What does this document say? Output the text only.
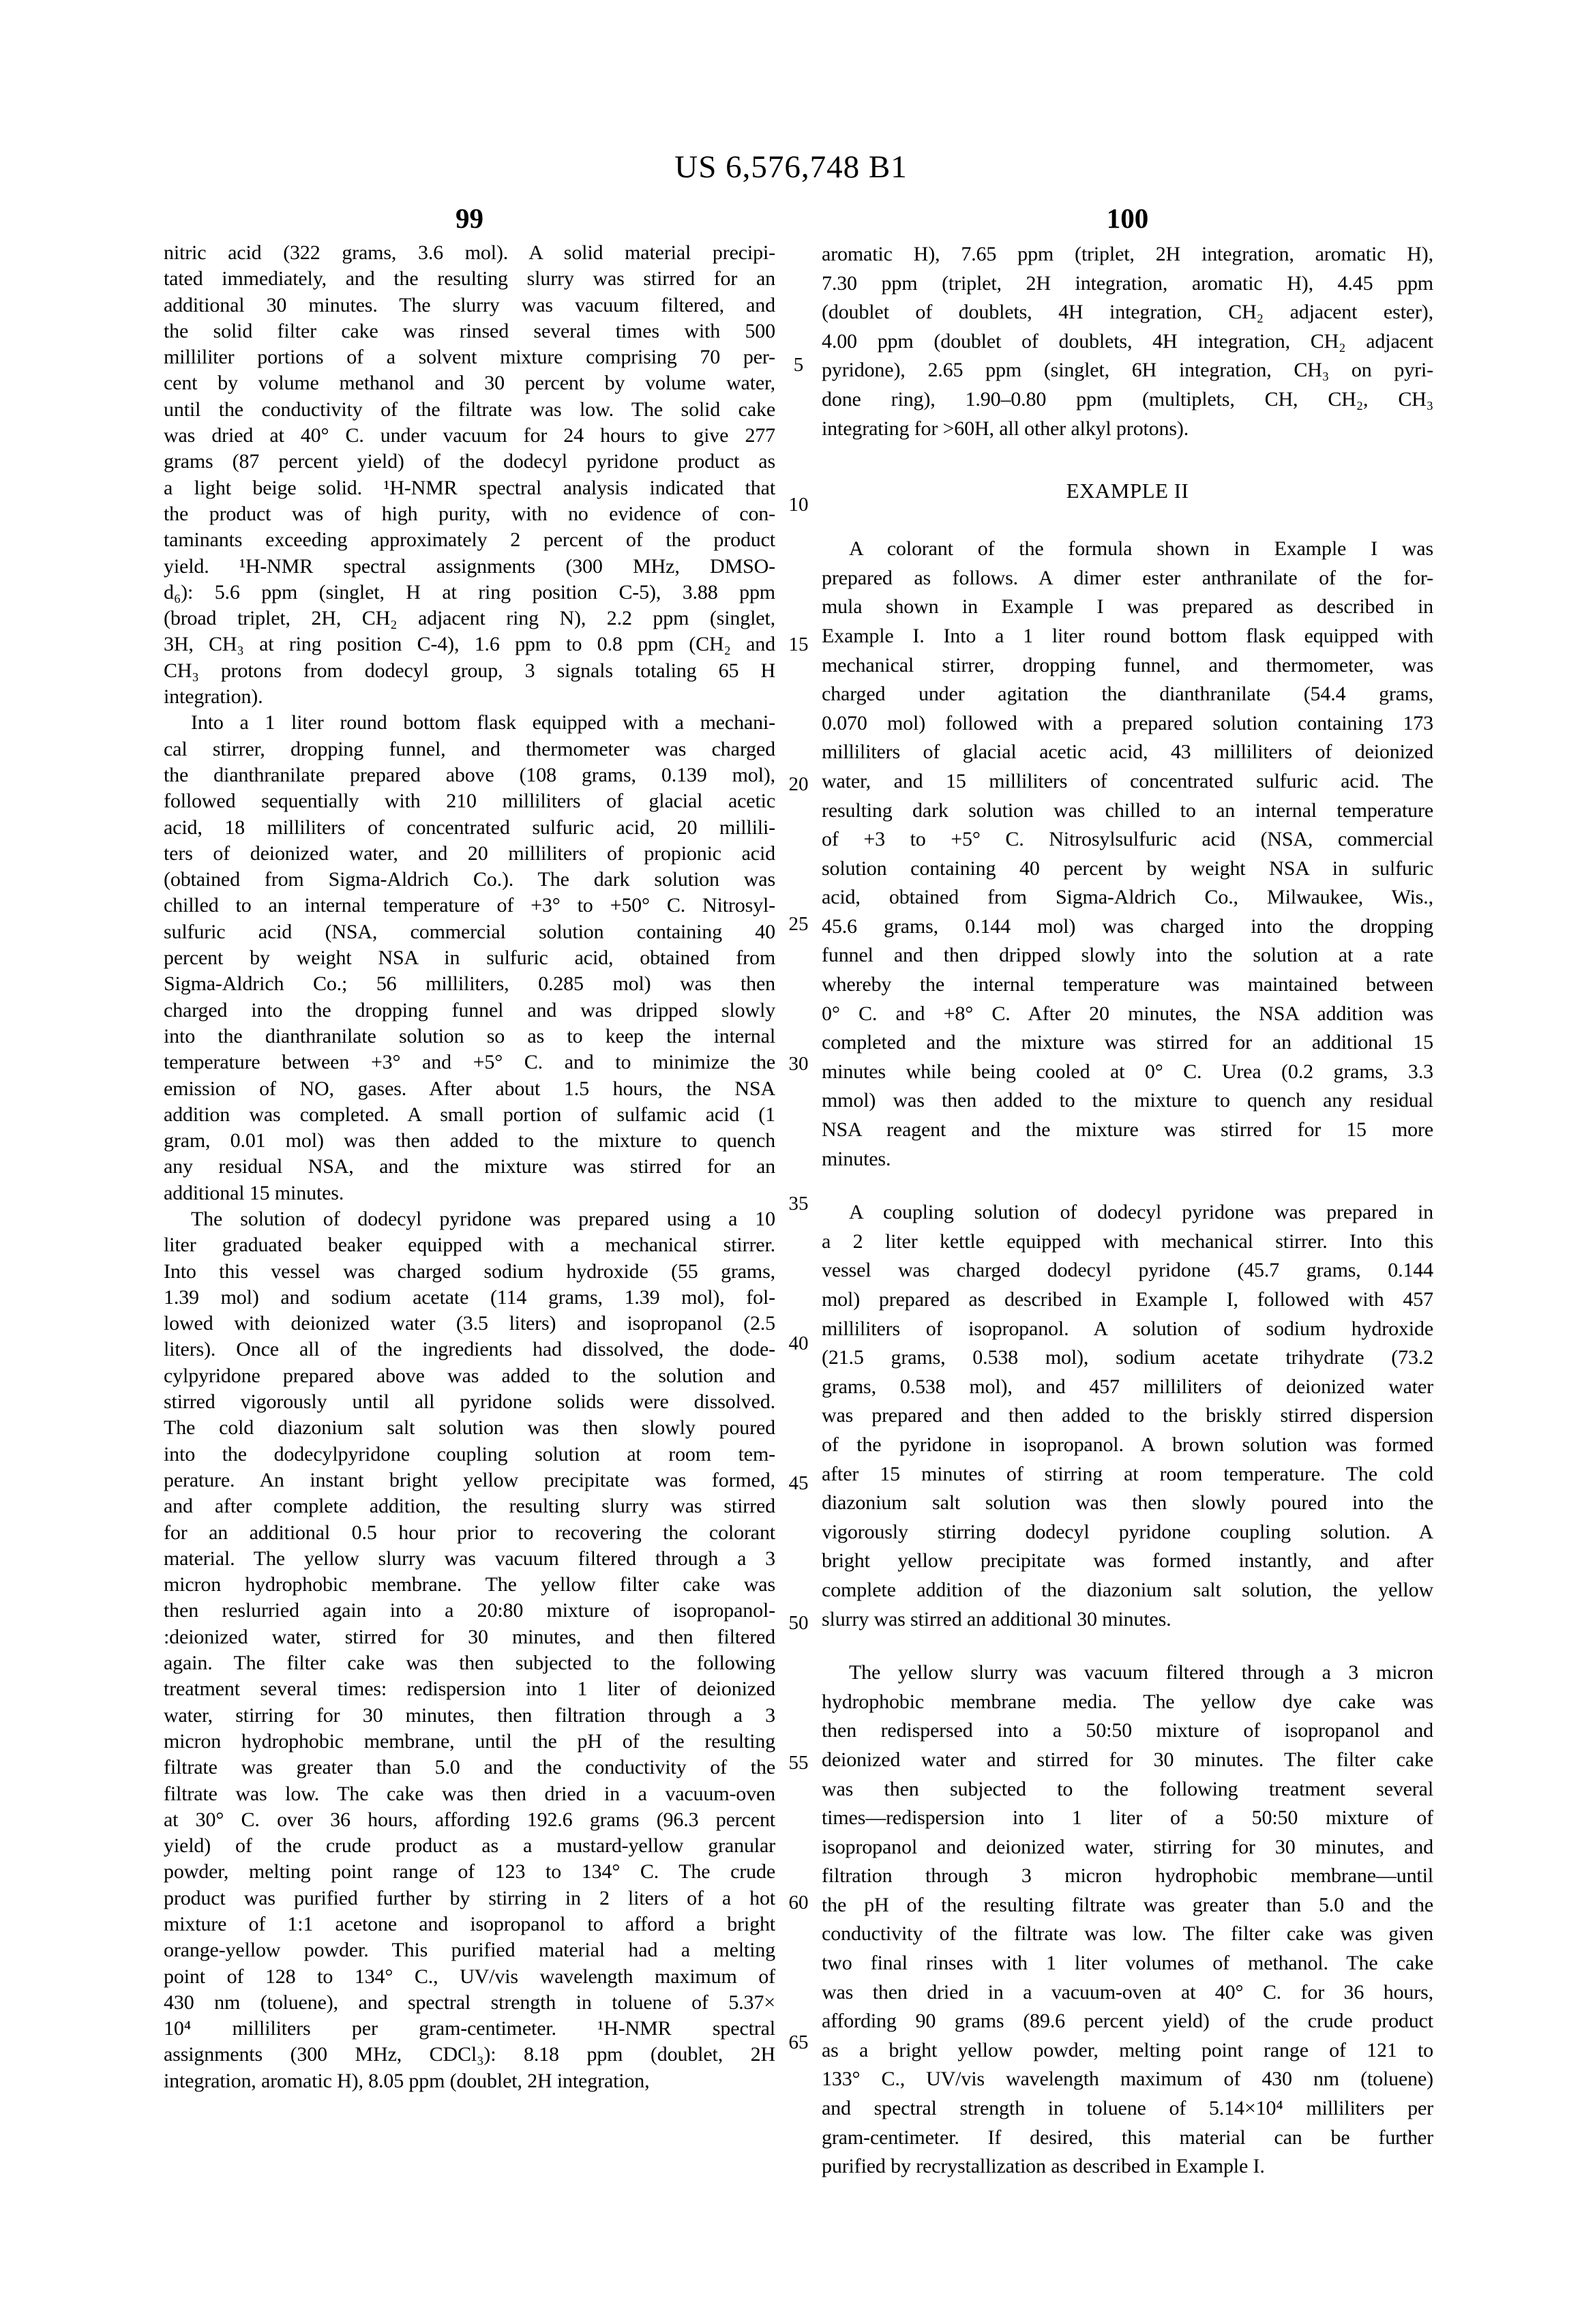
US 6,576,748 B1
99	100
nitric acid (322 grams, 3.6 mol). A solid material precipi-
tated immediately, and the resulting slurry was stirred for an
additional 30 minutes. The slurry was vacuum filtered, and
the solid filter cake was rinsed several times with 500
milliliter portions of a solvent mixture comprising 70 per-
cent by volume methanol and 30 percent by volume water,
until the conductivity of the filtrate was low. The solid cake
was dried at 40° C. under vacuum for 24 hours to give 277
grams (87 percent yield) of the dodecyl pyridone product as
a light beige solid. ¹H-NMR spectral analysis indicated that
the product was of high purity, with no evidence of con-
taminants exceeding approximately 2 percent of the product
yield. ¹H-NMR spectral assignments (300 MHz, DMSO-
d₆): 5.6 ppm (singlet, H at ring position C-5), 3.88 ppm
(broad triplet, 2H, CH₂ adjacent ring N), 2.2 ppm (singlet,
3H, CH₃ at ring position C-4), 1.6 ppm to 0.8 ppm (CH₂ and
CH₃ protons from dodecyl group, 3 signals totaling 65 H
integration).
Into a 1 liter round bottom flask equipped with a mechani-
cal stirrer, dropping funnel, and thermometer was charged
the dianthranilate prepared above (108 grams, 0.139 mol),
followed sequentially with 210 milliliters of glacial acetic
acid, 18 milliliters of concentrated sulfuric acid, 20 millili-
ters of deionized water, and 20 milliliters of propionic acid
(obtained from Sigma-Aldrich Co.). The dark solution was
chilled to an internal temperature of +3° to +50° C. Nitrosyl-
sulfuric acid (NSA, commercial solution containing 40
percent by weight NSA in sulfuric acid, obtained from
Sigma-Aldrich Co.; 56 milliliters, 0.285 mol) was then
charged into the dropping funnel and was dripped slowly
into the dianthranilate solution so as to keep the internal
temperature between +3° and +5° C. and to minimize the
emission of NO, gases. After about 1.5 hours, the NSA
addition was completed. A small portion of sulfamic acid (1
gram, 0.01 mol) was then added to the mixture to quench
any residual NSA, and the mixture was stirred for an
additional 15 minutes.
The solution of dodecyl pyridone was prepared using a 10
liter graduated beaker equipped with a mechanical stirrer.
Into this vessel was charged sodium hydroxide (55 grams,
1.39 mol) and sodium acetate (114 grams, 1.39 mol), fol-
lowed with deionized water (3.5 liters) and isopropanol (2.5
liters). Once all of the ingredients had dissolved, the dode-
cylpyridone prepared above was added to the solution and
stirred vigorously until all pyridone solids were dissolved.
The cold diazonium salt solution was then slowly poured
into the dodecylpyridone coupling solution at room tem-
perature. An instant bright yellow precipitate was formed,
and after complete addition, the resulting slurry was stirred
for an additional 0.5 hour prior to recovering the colorant
material. The yellow slurry was vacuum filtered through a 3
micron hydrophobic membrane. The yellow filter cake was
then reslurried again into a 20:80 mixture of isopropanol-
:deionized water, stirred for 30 minutes, and then filtered
again. The filter cake was then subjected to the following
treatment several times: redispersion into 1 liter of deionized
water, stirring for 30 minutes, then filtration through a 3
micron hydrophobic membrane, until the pH of the resulting
filtrate was greater than 5.0 and the conductivity of the
filtrate was low. The cake was then dried in a vacuum-oven
at 30° C. over 36 hours, affording 192.6 grams (96.3 percent
yield) of the crude product as a mustard-yellow granular
powder, melting point range of 123 to 134° C. The crude
product was purified further by stirring in 2 liters of a hot
mixture of 1:1 acetone and isopropanol to afford a bright
orange-yellow powder. This purified material had a melting
point of 128 to 134° C., UV/vis wavelength maximum of
430 nm (toluene), and spectral strength in toluene of 5.37×
10⁴ milliliters per gram-centimeter. ¹H-NMR spectral
assignments (300 MHz, CDCl₃): 8.18 ppm (doublet, 2H
integration, aromatic H), 8.05 ppm (doublet, 2H integration,
aromatic H), 7.65 ppm (triplet, 2H integration, aromatic H),
7.30 ppm (triplet, 2H integration, aromatic H), 4.45 ppm
(doublet of doublets, 4H integration, CH₂ adjacent ester),
4.00 ppm (doublet of doublets, 4H integration, CH₂ adjacent
pyridone), 2.65 ppm (singlet, 6H integration, CH₃ on pyri-
done ring), 1.90–0.80 ppm (multiplets, CH, CH₂, CH₃
integrating for >60H, all other alkyl protons).
EXAMPLE II
A colorant of the formula shown in Example I was
prepared as follows. A dimer ester anthranilate of the for-
mula shown in Example I was prepared as described in
Example I. Into a 1 liter round bottom flask equipped with
mechanical stirrer, dropping funnel, and thermometer, was
charged under agitation the dianthranilate (54.4 grams,
0.070 mol) followed with a prepared solution containing 173
milliliters of glacial acetic acid, 43 milliliters of deionized
water, and 15 milliliters of concentrated sulfuric acid. The
resulting dark solution was chilled to an internal temperature
of +3 to +5° C. Nitrosylsulfuric acid (NSA, commercial
solution containing 40 percent by weight NSA in sulfuric
acid, obtained from Sigma-Aldrich Co., Milwaukee, Wis.,
45.6 grams, 0.144 mol) was charged into the dropping
funnel and then dripped slowly into the solution at a rate
whereby the internal temperature was maintained between
0° C. and +8° C. After 20 minutes, the NSA addition was
completed and the mixture was stirred for an additional 15
minutes while being cooled at 0° C. Urea (0.2 grams, 3.3
mmol) was then added to the mixture to quench any residual
NSA reagent and the mixture was stirred for 15 more
minutes.
A coupling solution of dodecyl pyridone was prepared in
a 2 liter kettle equipped with mechanical stirrer. Into this
vessel was charged dodecyl pyridone (45.7 grams, 0.144
mol) prepared as described in Example I, followed with 457
milliliters of isopropanol. A solution of sodium hydroxide
(21.5 grams, 0.538 mol), sodium acetate trihydrate (73.2
grams, 0.538 mol), and 457 milliliters of deionized water
was prepared and then added to the briskly stirred dispersion
of the pyridone in isopropanol. A brown solution was formed
after 15 minutes of stirring at room temperature. The cold
diazonium salt solution was then slowly poured into the
vigorously stirring dodecyl pyridone coupling solution. A
bright yellow precipitate was formed instantly, and after
complete addition of the diazonium salt solution, the yellow
slurry was stirred an additional 30 minutes.
The yellow slurry was vacuum filtered through a 3 micron
hydrophobic membrane media. The yellow dye cake was
then redispersed into a 50:50 mixture of isopropanol and
deionized water and stirred for 30 minutes. The filter cake
was then subjected to the following treatment several
times—redispersion into 1 liter of a 50:50 mixture of
isopropanol and deionized water, stirring for 30 minutes, and
filtration through 3 micron hydrophobic membrane—until
the pH of the resulting filtrate was greater than 5.0 and the
conductivity of the filtrate was low. The filter cake was given
two final rinses with 1 liter volumes of methanol. The cake
was then dried in a vacuum-oven at 40° C. for 36 hours,
affording 90 grams (89.6 percent yield) of the crude product
as a bright yellow powder, melting point range of 121 to
133° C., UV/vis wavelength maximum of 430 nm (toluene)
and spectral strength in toluene of 5.14×10⁴ milliliters per
gram-centimeter. If desired, this material can be further
purified by recrystallization as described in Example I.
5
10
15
20
25
30
35
40
45
50
55
60
65
